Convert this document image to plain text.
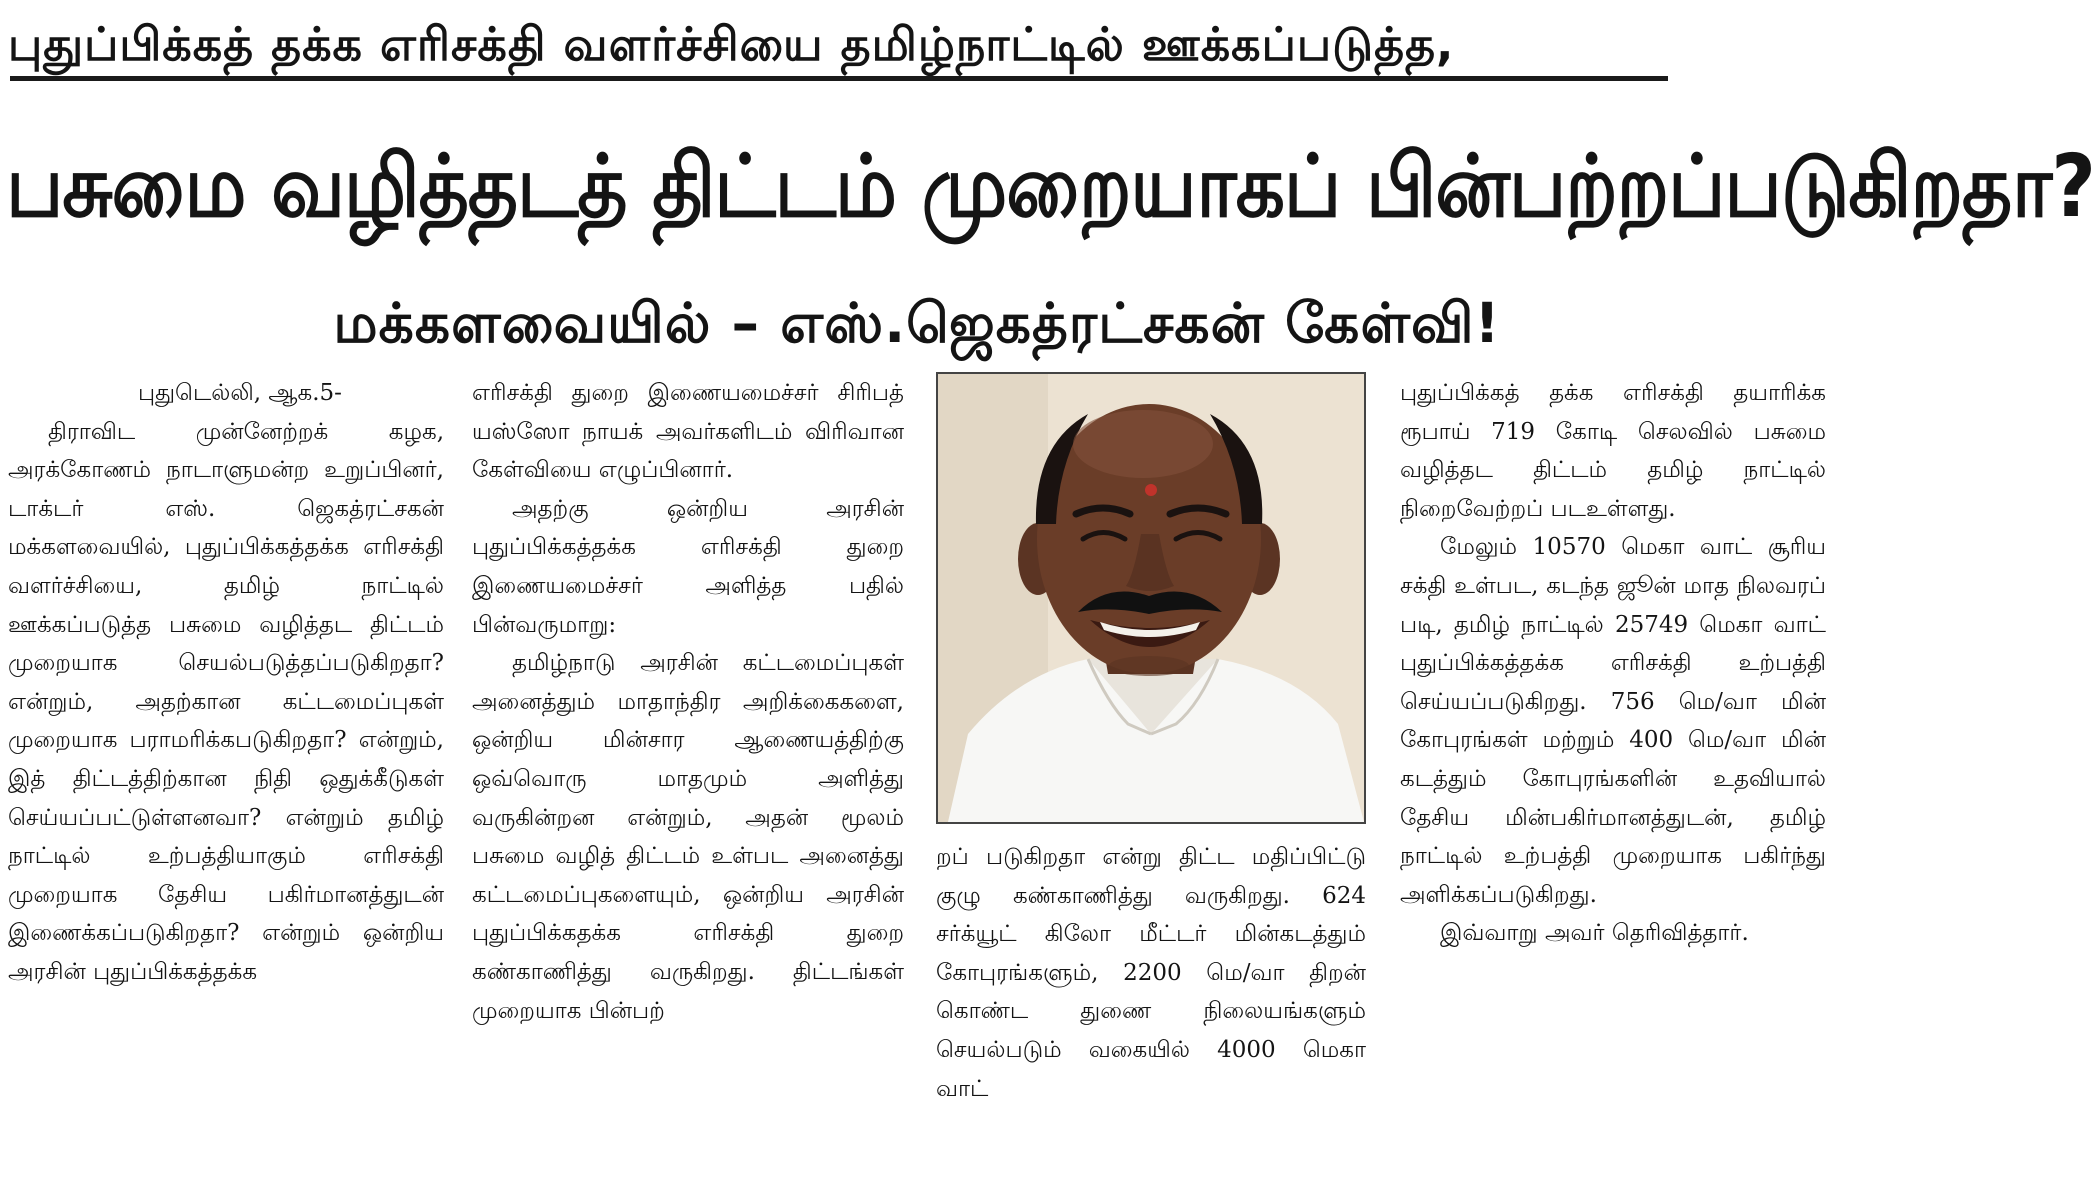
புதுப்பிக்கத் தக்க எரிசக்தி வளர்ச்சியை தமிழ்நாட்டில் ஊக்கப்படுத்த,
பசுமை வழித்தடத் திட்டம் முறையாகப் பின்பற்றப்படுகிறதா?
மக்களவையில் – எஸ்.ஜெகத்ரட்சகன் கேள்வி!

புதுடெல்லி, ஆக.5-

திராவிட முன்னேற்றக் கழக, அரக்கோணம் நாடாளுமன்ற உறுப்பினர், டாக்டர் எஸ். ஜெகத்ரட்சகன் மக்களவையில், புதுப்பிக்கத்தக்க எரிசக்தி வளர்ச்சியை, தமிழ் நாட்டில் ஊக்கப்படுத்த பசுமை வழித்தட திட்டம் முறையாக செயல்படுத்தப்படுகிறதா? என்றும், அதற்கான கட்டமைப்புகள் முறையாக பராமரிக்கபடுகிறதா? என்றும், இத் திட்டத்திற்கான நிதி ஒதுக்கீடுகள் செய்யப்பட்டுள்ளனவா? என்றும் தமிழ் நாட்டில் உற்பத்தியாகும் எரிசக்தி முறையாக தேசிய பகிர்மானத்துடன் இணைக்கப்படுகிறதா? என்றும் ஒன்றிய அரசின் புதுப்பிக்கத்தக்க

எரிசக்தி துறை இணையமைச்சர் சிரிபத் யஸ்ஸோ நாயக் அவர்களிடம் விரிவான கேள்வியை எழுப்பினார்.

அதற்கு ஒன்றிய அரசின் புதுப்பிக்கத்தக்க எரிசக்தி துறை இணையமைச்சர் அளித்த பதில் பின்வருமாறு:

தமிழ்நாடு அரசின் கட்டமைப்புகள் அனைத்தும் மாதாந்திர அறிக்கைகளை, ஒன்றிய மின்சார ஆணையத்திற்கு ஒவ்வொரு மாதமும் அளித்து வருகின்றன என்றும், அதன் மூலம் பசுமை வழித் திட்டம் உள்பட அனைத்து கட்டமைப்புகளையும், ஒன்றிய அரசின் புதுப்பிக்கதக்க எரிசக்தி துறை கண்காணித்து வருகிறது. திட்டங்கள் முறையாக பின்பற்

றப் படுகிறதா என்று திட்ட மதிப்பிட்டு குழு கண்காணித்து வருகிறது. 624 சர்க்யூட் கிலோ மீட்டர் மின்கடத்தும் கோபுரங்களும், 2200 மெ/வா திறன் கொண்ட துணை நிலையங்களும் செயல்படும் வகையில் 4000 மெகா வாட்

புதுப்பிக்கத் தக்க எரிசக்தி தயாரிக்க ரூபாய் 719 கோடி செலவில் பசுமை வழித்தட திட்டம் தமிழ் நாட்டில் நிறைவேற்றப் படஉள்ளது.

மேலும் 10570 மெகா வாட் சூரிய சக்தி உள்பட, கடந்த ஜூன் மாத நிலவரப் படி, தமிழ் நாட்டில் 25749 மெகா வாட் புதுப்பிக்கத்தக்க எரிசக்தி உற்பத்தி செய்யப்படுகிறது. 756 மெ/வா மின் கோபுரங்கள் மற்றும் 400 மெ/வா மின் கடத்தும் கோபுரங்களின் உதவியால் தேசிய மின்பகிர்மானத்துடன், தமிழ் நாட்டில் உற்பத்தி முறையாக பகிர்ந்து அளிக்கப்படுகிறது.

இவ்வாறு அவர் தெரிவித்தார்.
